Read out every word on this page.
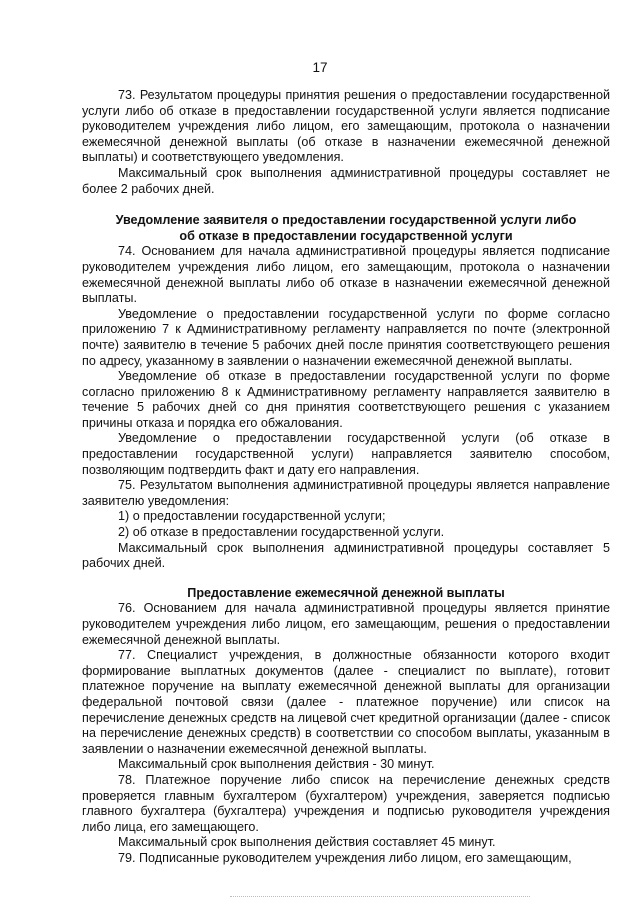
17

73. Результатом процедуры принятия решения о предоставлении государственной услуги либо об отказе в предоставлении государственной услуги является подписание руководителем учреждения либо лицом, его замещающим, протокола о назначении ежемесячной денежной выплаты (об отказе в назначении ежемесячной денежной выплаты) и соответствующего уведомления.

Максимальный срок выполнения административной процедуры составляет не более 2 рабочих дней.

Уведомление заявителя о предоставлении государственной услуги либо

об отказе в предоставлении государственной услуги

74. Основанием для начала административной процедуры является подписание руководителем учреждения либо лицом, его замещающим, протокола о назначении ежемесячной денежной выплаты либо об отказе в назначении ежемесячной денежной выплаты.

Уведомление о предоставлении государственной услуги по форме согласно приложению 7 к Административному регламенту направляется по почте (электронной почте) заявителю в течение 5 рабочих дней после принятия соответствующего решения по адресу, указанному в заявлении о назначении ежемесячной денежной выплаты.

Уведомление об отказе в предоставлении государственной услуги по форме согласно приложению 8 к Административному регламенту направляется заявителю в течение 5 рабочих дней со дня принятия соответствующего решения с указанием причины отказа и порядка его обжалования.

Уведомление о предоставлении государственной услуги (об отказе в предоставлении государственной услуги) направляется заявителю способом, позволяющим подтвердить факт и дату его направления.

75. Результатом выполнения административной процедуры является направление заявителю уведомления:

1) о предоставлении государственной услуги;

2) об отказе в предоставлении государственной услуги.

Максимальный срок выполнения административной процедуры составляет 5 рабочих дней.

Предоставление ежемесячной денежной выплаты

76. Основанием для начала административной процедуры является принятие руководителем учреждения либо лицом, его замещающим, решения о предоставлении ежемесячной денежной выплаты.

77. Специалист учреждения, в должностные обязанности которого входит формирование выплатных документов (далее - специалист по выплате), готовит платежное поручение на выплату ежемесячной денежной выплаты для организации федеральной почтовой связи (далее - платежное поручение) или список на перечисление денежных средств на лицевой счет кредитной организации (далее - список на перечисление денежных средств) в соответствии со способом выплаты, указанным в заявлении о назначении ежемесячной денежной выплаты.

Максимальный срок выполнения действия - 30 минут.

78. Платежное поручение либо список на перечисление денежных средств проверяется главным бухгалтером (бухгалтером) учреждения, заверяется подписью главного бухгалтера (бухгалтера) учреждения и подписью руководителя учреждения либо лица, его замещающего.

Максимальный срок выполнения действия составляет 45 минут.

79. Подписанные руководителем учреждения либо лицом, его замещающим,
